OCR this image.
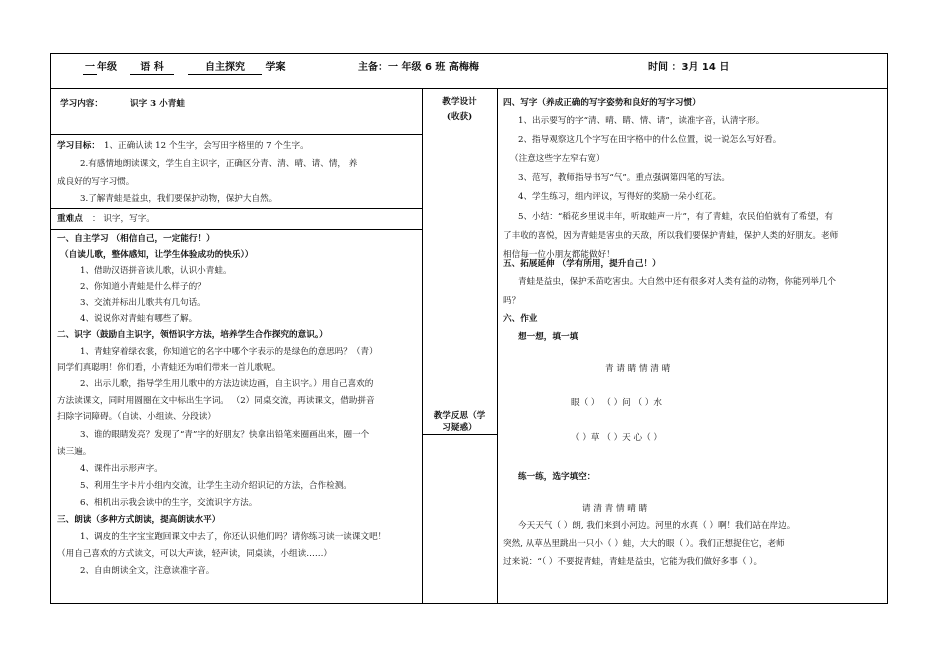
一 年级	语 科	自主探究 学案	主备：一 年级 6 班 高梅梅	时间 ：3月 14 日
学习内容：	识字 3 小青蛙
学习目标： 1、正确认读 12 个生字，会写田字格里的 7 个生字。
2.有感情地朗读课文，学生自主识字，正确区分青、清、晴、请、情， 养
成良好的写字习惯。
3.了解青蛙是益虫，我们要保护动物，保护大自然。
重难点 ： 识字，写字。
一、自主学习 （相信自己，一定能行！）
（自读儿歌，整体感知，让学生体验成功的快乐））
1、借助汉语拼音读儿歌，认识小青蛙。
2、你知道小青蛙是什么样子的？
3、交流并标出儿歌共有几句话。
4、说说你对青蛙有哪些了解。
二、识字（鼓励自主识字，领悟识字方法，培养学生合作探究的意识。）
1、青蛙穿着绿衣裳，你知道它的名字中哪个字表示的是绿色的意思吗？（青）
同学们真聪明！你们看，小青蛙还为咱们带来一首儿歌呢。
2、出示儿歌，指导学生用儿歌中的方法边读边画，自主识字。）用自己喜欢的
方法读课文，同时用圆圈在文中标出生字词。 （2）同桌交流，再读课文，借助拼音
扫除字词障碍。（自读、小组读、分段读）
3、谁的眼睛发亮？发现了“青”字的好朋友？快拿出铅笔来圈画出来，圈一个
读三遍。
4、课件出示形声字。
5、利用生字卡片小组内交流，让学生主动介绍识记的方法，合作检测。
6、相机出示我会读中的生字，交流识字方法。
三、朗读（多种方式朗读，提高朗读水平）
1、调皮的生字宝宝跑回课文中去了，你还认识他们吗？请你练习读一读课文吧！
（用自己喜欢的方式读文，可以大声读，轻声读，同桌读，小组读……）
2、自由朗读全文，注意读准字音。
教学设计
(收获)
教学反思（学
习疑惑）
四、写字（养成正确的写字姿势和良好的写字习惯）
1、出示要写的字“清、晴、睛、情、请”，读准字音，认清字形。
2、指导观察这几个字写在田字格中的什么位置，说一说怎么写好看。
（注意这些字左窄右宽）
3、范写，教师指导书写“气”。重点强调第四笔的写法。
4、学生练习，组内评议，写得好的奖励一朵小红花。
5、小结：“稻花乡里说丰年，听取蛙声一片”，有了青蛙，农民伯伯就有了希望，有
了丰收的喜悦，因为青蛙是害虫的天敌，所以我们要保护青蛙，保护人类的好朋友。老师
相信每一位小朋友都能做好！
五、拓展延伸 （学有所用，提升自己！）
青蛙是益虫，保护禾苗吃害虫。大自然中还有很多对人类有益的动物，你能列举几个
吗？
六、作业
想一想，填一填
青 请 睛 情 清 晴
眼（ ） （ ）问 （ ）水
（ ）草 （ ）天 心（ ）
练一练，选字填空：
请 清 青 情 晴 睛
今天天气（ ）朗, 我们来到小河边。河里的水真（ ）啊！我们站在岸边。
突然, 从草丛里跳出一只小（ ）蛙，大大的眼（ ）。我们正想捉住它，老师
过来说：“（ ）不要捉青蛙，青蛙是益虫，它能为我们做好多事（ ）。
